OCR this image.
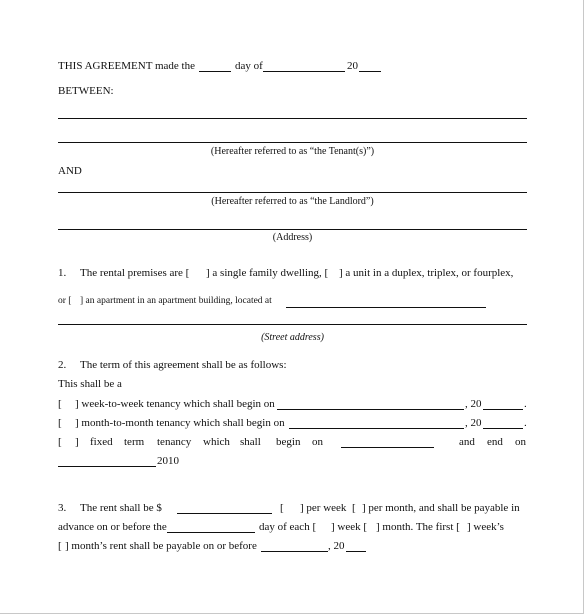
THIS AGREEMENT made the	day of	20
BETWEEN:
(Hereafter referred to as “the Tenant(s)”)
AND
(Hereafter referred to as “the Landlord”)
(Address)
1. The rental premises are [ ] a single family dwelling, [ ] a unit in a duplex, triplex, or fourplex,
or [ ] an apartment in an apartment building, located at
(Street address)
2. The term of this agreement shall be as follows:
This shall be a
[ ] week-to-week tenancy which shall begin on	, 20	.
[ ] month-to-month tenancy which shall begin on	, 20	.
[ ] fixed term tenancy which shall begin on	and end on
2010
3. The rent shall be $	[ ] per week [ ] per month, and shall be payable in
advance on or before the	day of each [ ] week [ ] month. The first [ ] week’s
[ ] month’s rent shall be payable on or before	, 20
